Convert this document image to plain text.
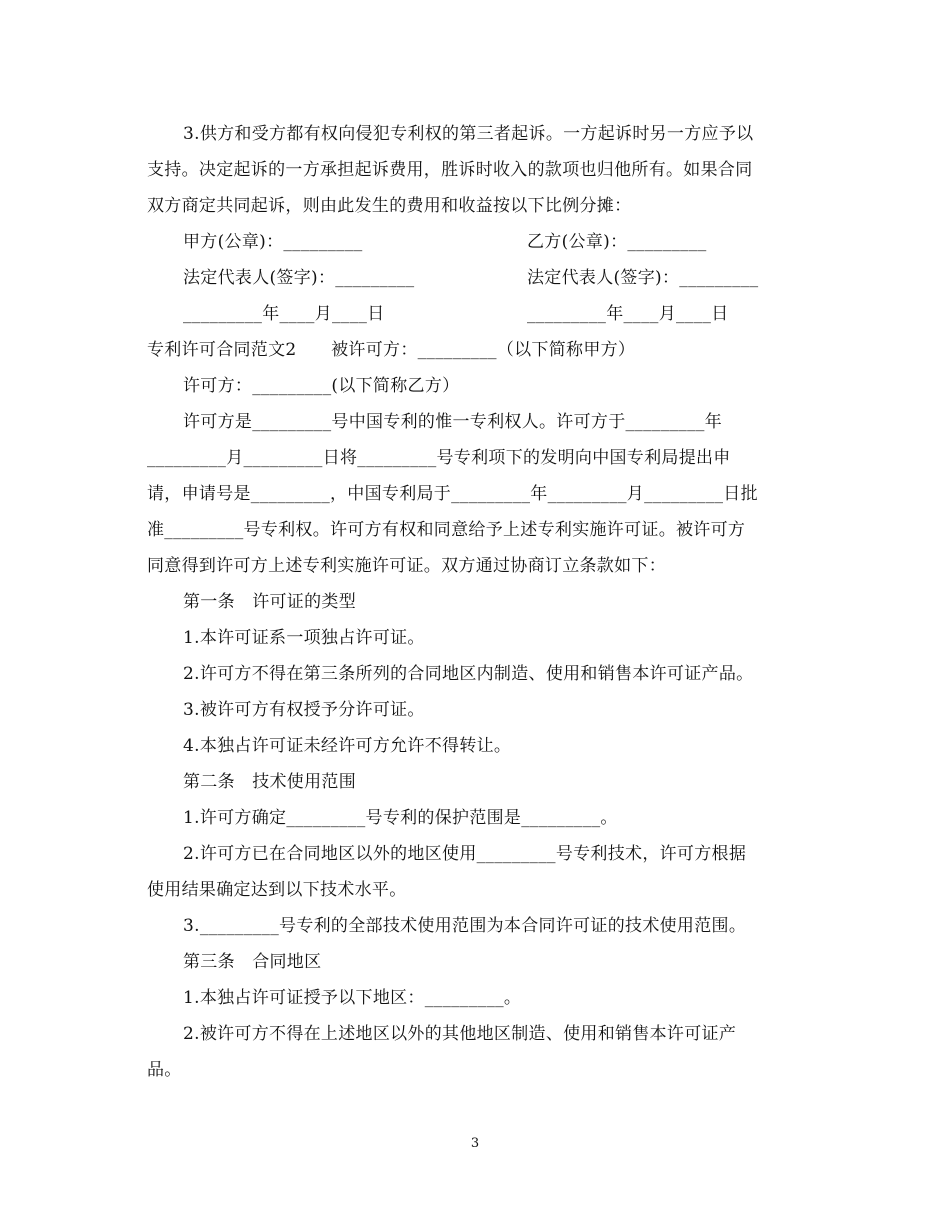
3.供方和受方都有权向侵犯专利权的第三者起诉。一方起诉时另一方应予以
支持。决定起诉的一方承担起诉费用，胜诉时收入的款项也归他所有。如果合同
双方商定共同起诉，则由此发生的费用和收益按以下比例分摊：
甲方(公章)：_________	乙方(公章)：_________
法定代表人(签字)：_________	法定代表人(签字)：_________
_________年____月____日	_________年____月____日
专利许可合同范文2　　被许可方：_________（以下简称甲方）
许可方：_________(以下简称乙方）
许可方是_________号中国专利的惟一专利权人。许可方于_________年
_________月_________日将_________号专利项下的发明向中国专利局提出申
请，申请号是_________，中国专利局于_________年_________月_________日批
准_________号专利权。许可方有权和同意给予上述专利实施许可证。被许可方
同意得到许可方上述专利实施许可证。双方通过协商订立条款如下：
第一条　许可证的类型
1.本许可证系一项独占许可证。
2.许可方不得在第三条所列的合同地区内制造、使用和销售本许可证产品。
3.被许可方有权授予分许可证。
4.本独占许可证未经许可方允许不得转让。
第二条　技术使用范围
1.许可方确定_________号专利的保护范围是_________。
2.许可方已在合同地区以外的地区使用_________号专利技术，许可方根据
使用结果确定达到以下技术水平。
3._________号专利的全部技术使用范围为本合同许可证的技术使用范围。
第三条　合同地区
1.本独占许可证授予以下地区：_________。
2.被许可方不得在上述地区以外的其他地区制造、使用和销售本许可证产
品。
3
